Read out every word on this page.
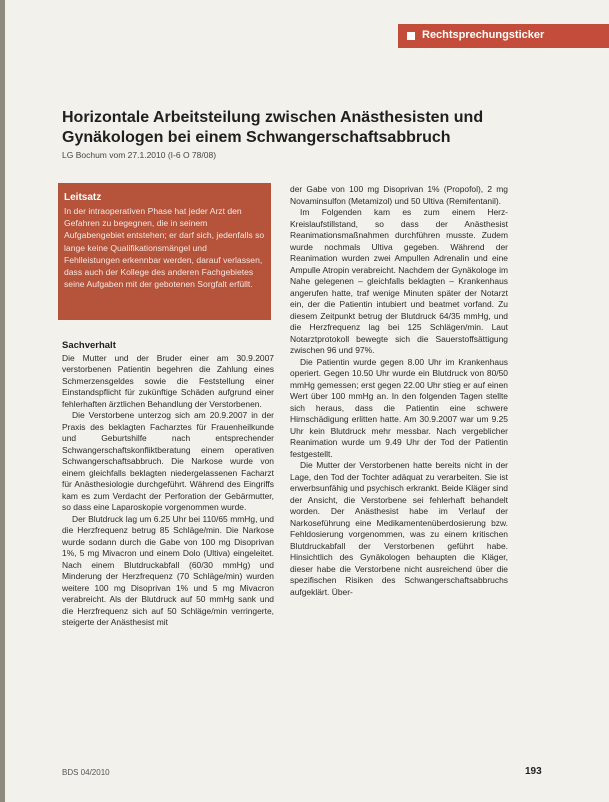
Rechtsprechungsticker
Horizontale Arbeitsteilung zwischen Anästhesisten und Gynäkologen bei einem Schwangerschaftsabbruch
LG Bochum vom 27.1.2010 (I-6 O 78/08)
Leitsatz
In der intraoperativen Phase hat jeder Arzt den Gefahren zu begegnen, die in seinem Aufgabengebiet entstehen; er darf sich, jedenfalls so lange keine Qualifikationsmängel und Fehlleistungen erkennbar werden, darauf verlassen, dass auch der Kollege des anderen Fachgebietes seine Aufgaben mit der gebotenen Sorgfalt erfüllt.
Sachverhalt

Die Mutter und der Bruder einer am 30.9.2007 verstorbenen Patientin begehren die Zahlung eines Schmerzensgeldes sowie die Feststellung einer Einstandspflicht für zukünftige Schäden aufgrund einer fehlerhaften ärztlichen Behandlung der Verstorbenen.

Die Verstorbene unterzog sich am 20.9.2007 in der Praxis des beklagten Facharztes für Frauenheilkunde und Geburtshilfe nach entsprechender Schwangerschaftskonfliktberatung einem operativen Schwangerschaftsabbruch. Die Narkose wurde von einem gleichfalls beklagten niedergelassenen Facharzt für Anästhesiologie durchgeführt. Während des Eingriffs kam es zum Verdacht der Perforation der Gebärmutter, so dass eine Laparoskopie vorgenommen wurde.

Der Blutdruck lag um 6.25 Uhr bei 110/65 mmHg, und die Herzfrequenz betrug 85 Schläge/min. Die Narkose wurde sodann durch die Gabe von 100 mg Disoprivan 1%, 5 mg Mivacron und einem Dolo (Ultiva) eingeleitet. Nach einem Blutdruckabfall (60/30 mmHg) und Minderung der Herzfrequenz (70 Schläge/min) wurden weitere 100 mg Disoprivan 1% und 5 mg Mivacron verabreicht. Als der Blutdruck auf 50 mmHg sank und die Herzfrequenz sich auf 50 Schläge/min verringerte, steigerte der Anästhesist mit

der Gabe von 100 mg Disoprivan 1% (Propofol), 2 mg Novaminsulfon (Metamizol) und 50 Ultiva (Remifentanil).

Im Folgenden kam es zum einem Herz-Kreislaufstillstand, so dass der Anästhesist Reanimationsmaßnahmen durchführen musste. Zudem wurde nochmals Ultiva gegeben. Während der Reanimation wurden zwei Ampullen Adrenalin und eine Ampulle Atropin verabreicht. Nachdem der Gynäkologe im Nahe gelegenen – gleichfalls beklagten – Krankenhaus angerufen hatte, traf wenige Minuten später der Notarzt ein, der die Patientin intubiert und beatmet vorfand. Zu diesem Zeitpunkt betrug der Blutdruck 64/35 mmHg, und die Herzfrequenz lag bei 125 Schlägen/min. Laut Notarztprotokoll bewegte sich die Sauerstoffsättigung zwischen 96 und 97%.

Die Patientin wurde gegen 8.00 Uhr im Krankenhaus operiert. Gegen 10.50 Uhr wurde ein Blutdruck von 80/50 mmHg gemessen; erst gegen 22.00 Uhr stieg er auf einen Wert über 100 mmHg an. In den folgenden Tagen stellte sich heraus, dass die Patientin eine schwere Hirnschädigung erlitten hatte. Am 30.9.2007 war um 9.25 Uhr kein Blutdruck mehr messbar. Nach vergeblicher Reanimation wurde um 9.49 Uhr der Tod der Patientin festgestellt.

Die Mutter der Verstorbenen hatte bereits nicht in der Lage, den Tod der Tochter adäquat zu verarbeiten. Sie ist erwerbsunfähig und psychisch erkrankt. Beide Kläger sind der Ansicht, die Verstorbene sei fehlerhaft behandelt worden. Der Anästhesist habe im Verlauf der Narkoseführung eine Medikamentenüberdosierung bzw. Fehldosierung vorgenommen, was zu einem kritischen Blutdruckabfall der Verstorbenen geführt habe. Hinsichtlich des Gynäkologen behaupten die Kläger, dieser habe die Verstorbene nicht ausreichend über die spezifischen Risiken des Schwangerschaftsabbruchs aufgeklärt. Über-

BDS 04/2010	193
